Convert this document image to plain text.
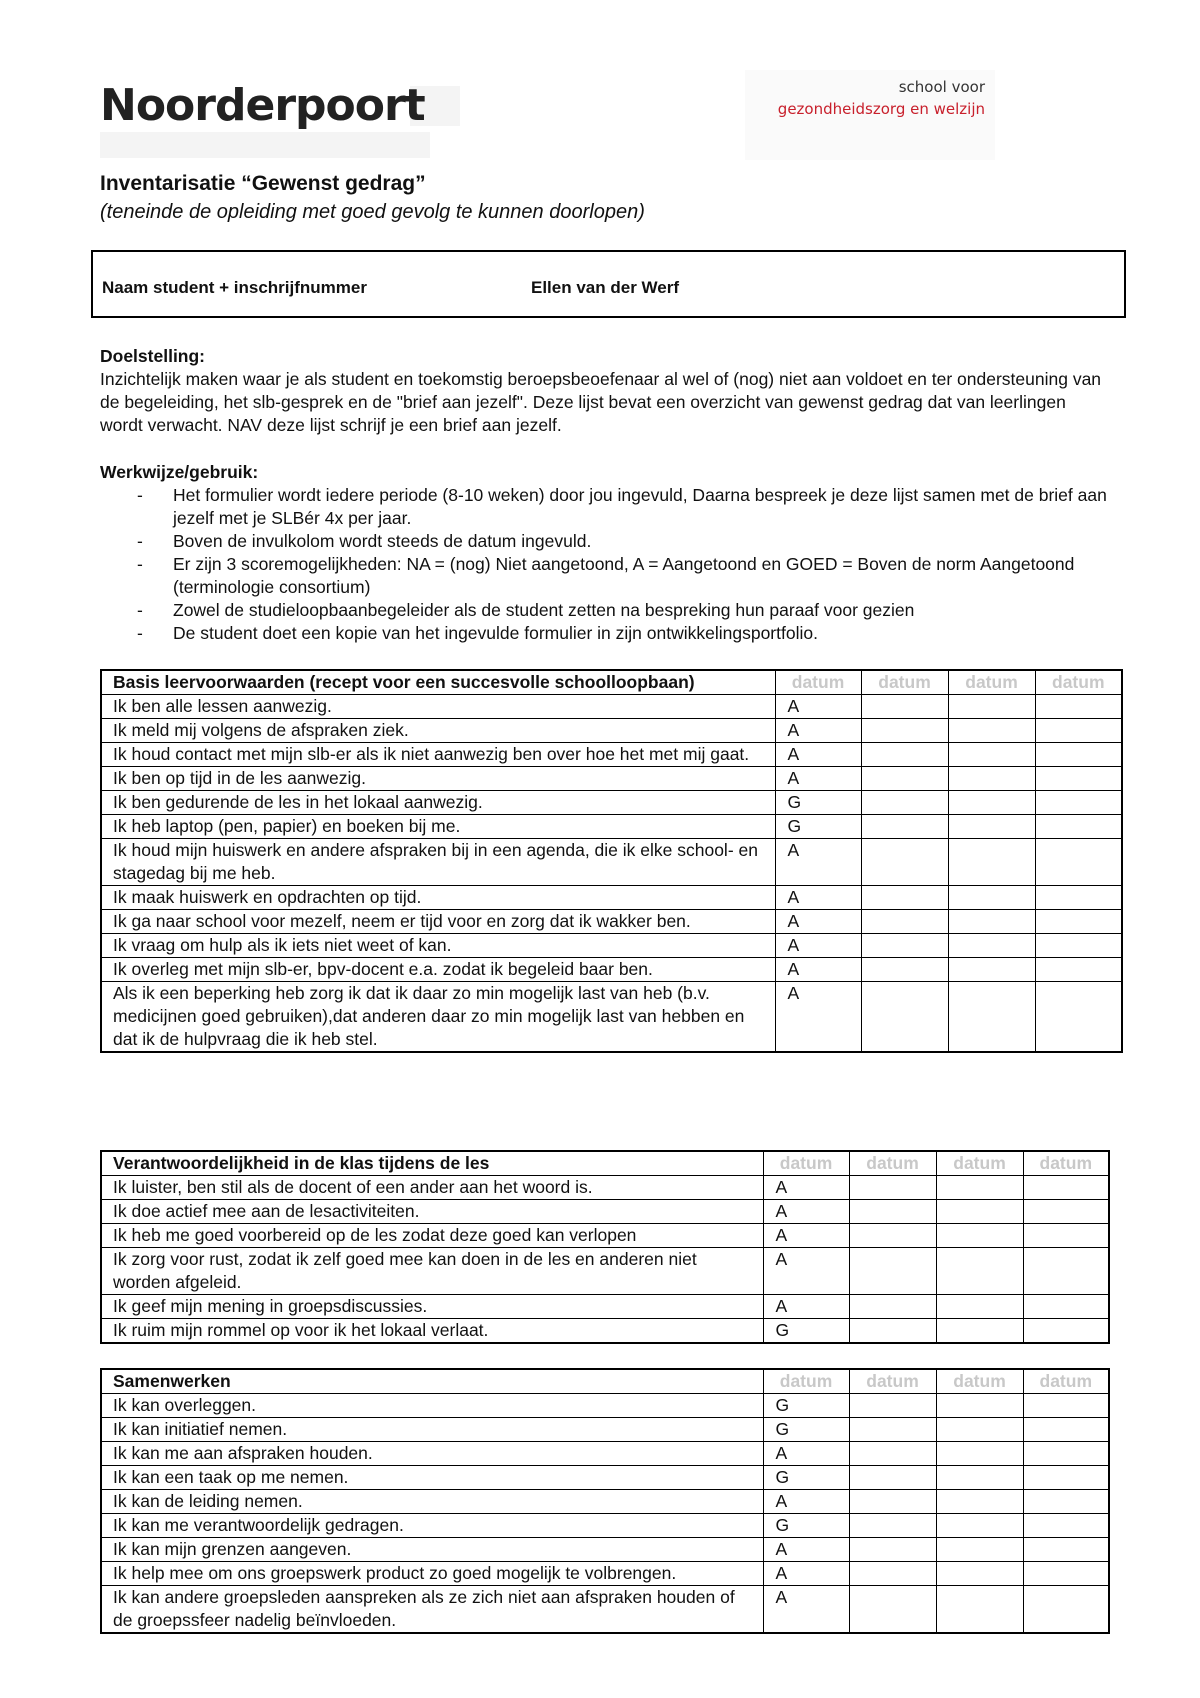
Noorderpoort	school voor
gezondheidszorg en welzijn
Inventarisatie “Gewenst gedrag”
(teneinde de opleiding met goed gevolg te kunnen doorlopen)
Naam student + inschrijfnummer	Ellen van der Werf
Doelstelling:

Inzichtelijk maken waar je als student en toekomstig beroepsbeoefenaar al wel of (nog) niet aan voldoet en ter ondersteuning van de begeleiding, het slb-gesprek en de "brief aan jezelf". Deze lijst bevat een overzicht van gewenst gedrag dat van leerlingen wordt verwacht. NAV deze lijst schrijf je een brief aan jezelf.

Werkwijze/gebruik:
- Het formulier wordt iedere periode (8-10 weken) door jou ingevuld, Daarna bespreek je deze lijst samen met de brief aan jezelf met je SLBér 4x per jaar.
- Boven de invulkolom wordt steeds de datum ingevuld.
- Er zijn 3 scoremogelijkheden: NA = (nog) Niet aangetoond, A = Aangetoond en GOED = Boven de norm Aangetoond (terminologie consortium)
- Zowel de studieloopbaanbegeleider als de student zetten na bespreking hun paraaf voor gezien
- De student doet een kopie van het ingevulde formulier in zijn ontwikkelingsportfolio.
Basis leervoorwaarden (recept voor een succesvolle schoolloopbaan)	datum	datum	datum	datum
Ik ben alle lessen aanwezig.	A			
Ik meld mij volgens de afspraken ziek.	A			
Ik houd contact met mijn slb-er als ik niet aanwezig ben over hoe het met mij gaat.	A			
Ik ben op tijd in de les aanwezig.	A			
Ik ben gedurende de les in het lokaal aanwezig.	G			
Ik heb laptop (pen, papier) en boeken bij me.	G			
Ik houd mijn huiswerk en andere afspraken bij in een agenda, die ik elke school- en stagedag bij me heb.	A			
Ik maak huiswerk en opdrachten op tijd.	A			
Ik ga naar school voor mezelf, neem er tijd voor en zorg dat ik wakker ben.	A			
Ik vraag om hulp als ik iets niet weet of kan.	A			
Ik overleg met mijn slb-er, bpv-docent e.a. zodat ik begeleid baar ben.	A			
Als ik een beperking heb zorg ik dat ik daar zo min mogelijk last van heb (b.v. medicijnen goed gebruiken),dat anderen daar zo min mogelijk last van hebben en dat ik de hulpvraag die ik heb stel.	A			
Verantwoordelijkheid in de klas tijdens de les	datum	datum	datum	datum
Ik luister, ben stil als de docent of een ander aan het woord is.	A			
Ik doe actief mee aan de lesactiviteiten.	A			
Ik heb me goed voorbereid op de les zodat deze goed kan verlopen	A			
Ik zorg voor rust, zodat ik zelf goed mee kan doen in de les en anderen niet worden afgeleid.	A			
Ik geef mijn mening in groepsdiscussies.	A			
Ik ruim mijn rommel op voor ik het lokaal verlaat.	G			
Samenwerken	datum	datum	datum	datum
Ik kan overleggen.	G			
Ik kan initiatief nemen.	G			
Ik kan me aan afspraken houden.	A			
Ik kan een taak op me nemen.	G			
Ik kan de leiding nemen.	A			
Ik kan me verantwoordelijk gedragen.	G			
Ik kan mijn grenzen aangeven.	A			
Ik help mee om ons groepswerk product zo goed mogelijk te volbrengen.	A			
Ik kan andere groepsleden aanspreken als ze zich niet aan afspraken houden of de groepssfeer nadelig beïnvloeden.	A			
